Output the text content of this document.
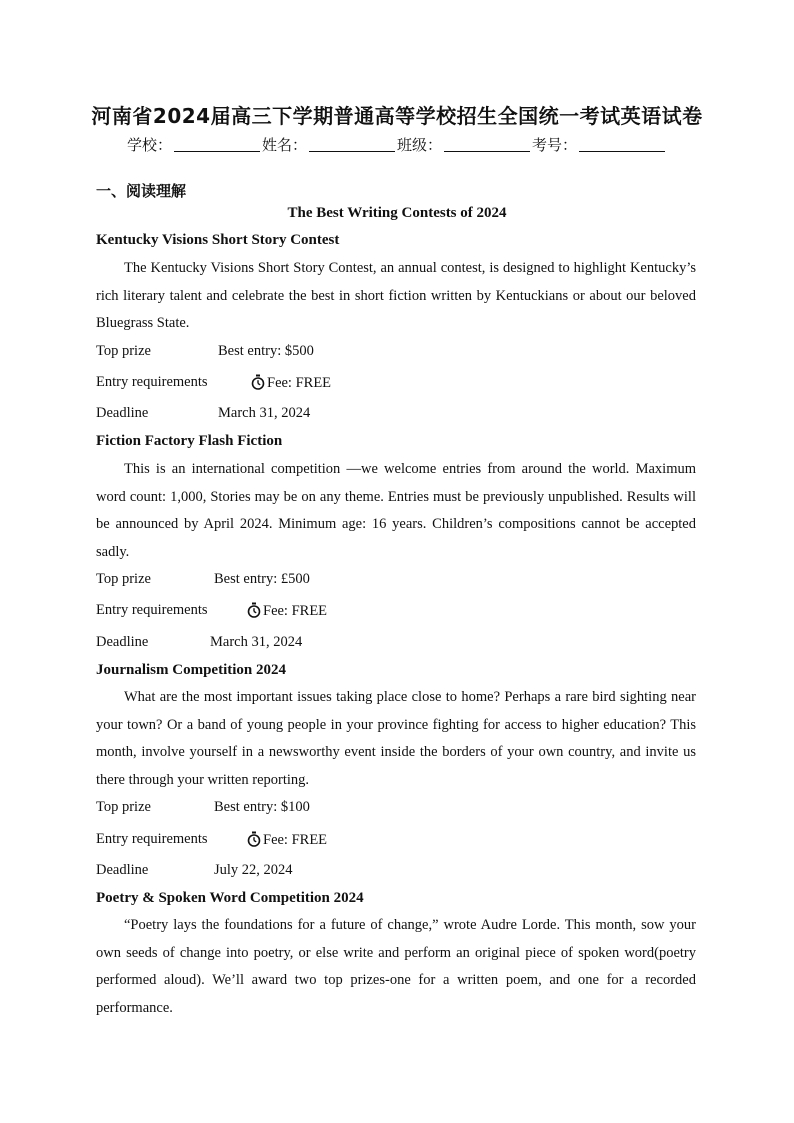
河南省2024届高三下学期普通高等学校招生全国统一考试英语试卷
学校：	姓名：	班级：	考号：
一、阅读理解
The Best Writing Contests of 2024
Kentucky Visions Short Story Contest

The Kentucky Visions Short Story Contest, an annual contest, is designed to highlight Kentucky’s rich literary talent and celebrate the best in short fiction written by Kentuckians or about our beloved Bluegrass State.

Top prize	Best entry: $500
Entry requirements	Fee: FREE
Deadline	March 31, 2024
Fiction Factory Flash Fiction

This is an international competition —we welcome entries from around the world. Maximum word count: 1,000, Stories may be on any theme. Entries must be previously unpublished. Results will be announced by April 2024. Minimum age: 16 years. Children’s compositions cannot be accepted sadly.

Top prize	Best entry: £500
Entry requirements	Fee: FREE
Deadline	March 31, 2024
Journalism Competition 2024

What are the most important issues taking place close to home? Perhaps a rare bird sighting near your town? Or a band of young people in your province fighting for access to higher education? This month, involve yourself in a newsworthy event inside the borders of your own country, and invite us there through your written reporting.

Top prize	Best entry: $100
Entry requirements	Fee: FREE
Deadline	July 22, 2024
Poetry & Spoken Word Competition 2024

“Poetry lays the foundations for a future of change,” wrote Audre Lorde. This month, sow your own seeds of change into poetry, or else write and perform an original piece of spoken word(poetry performed aloud). We’ll award two top prizes-one for a written poem, and one for a recorded performance.
